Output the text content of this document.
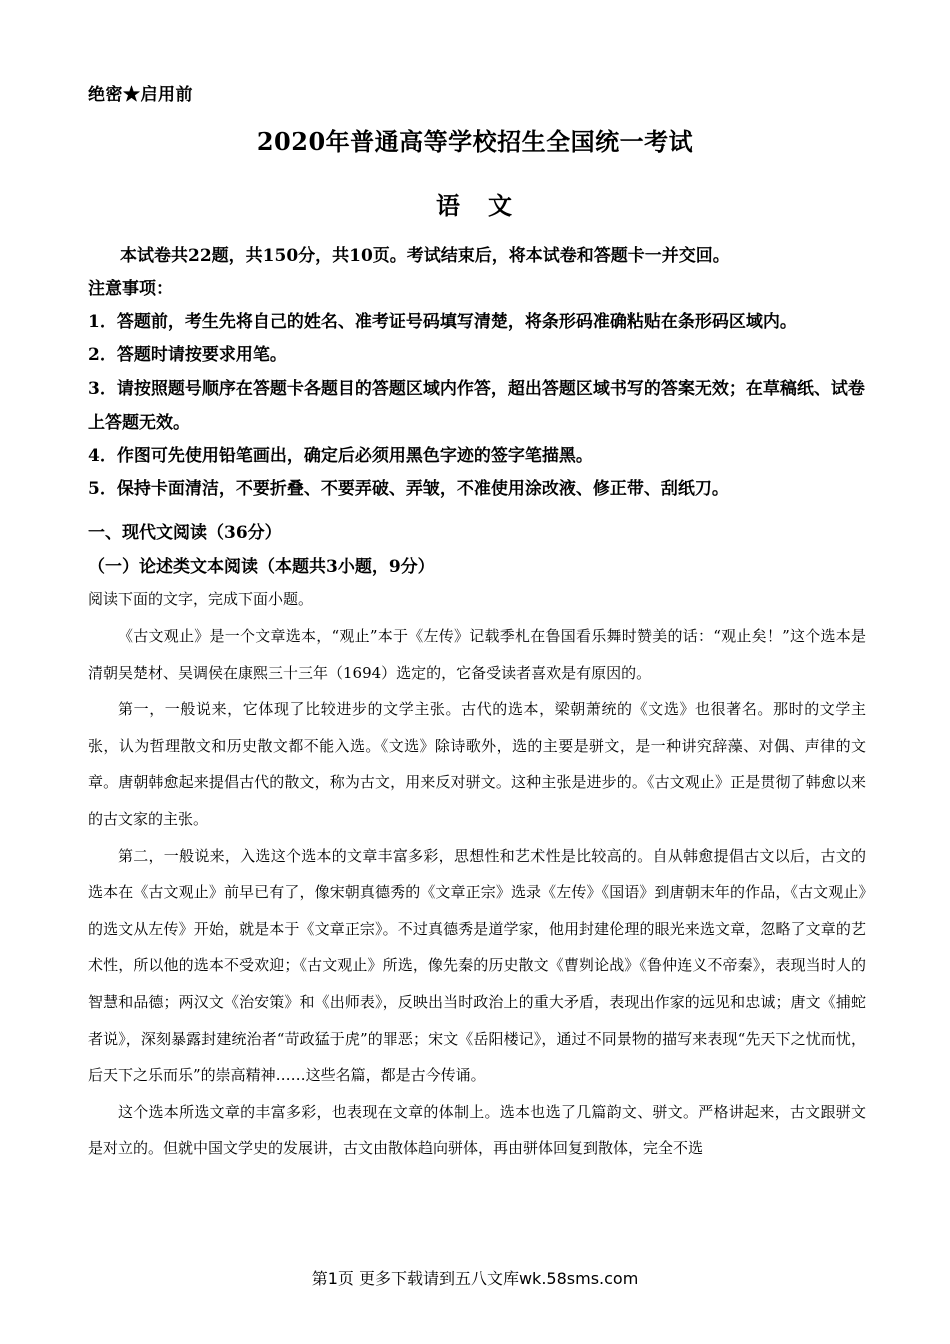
绝密★启用前
2020年普通高等学校招生全国统一考试
语　文

本试卷共22题，共150分，共10页。考试结束后，将本试卷和答题卡一并交回。

注意事项：

1．答题前，考生先将自己的姓名、准考证号码填写清楚，将条形码准确粘贴在条形码区域内。

2．答题时请按要求用笔。

3．请按照题号顺序在答题卡各题目的答题区域内作答，超出答题区域书写的答案无效；在草稿纸、试卷上答题无效。

4．作图可先使用铅笔画出，确定后必须用黑色字迹的签字笔描黑。

5．保持卡面清洁，不要折叠、不要弄破、弄皱，不准使用涂改液、修正带、刮纸刀。

一、现代文阅读（36分）
（一）论述类文本阅读（本题共3小题，9分）
阅读下面的文字，完成下面小题。

《古文观止》是一个文章选本，“观止”本于《左传》记载季札在鲁国看乐舞时赞美的话：“观止矣！”这个选本是清朝吴楚材、吴调侯在康熙三十三年（1694）选定的，它备受读者喜欢是有原因的。

第一，一般说来，它体现了比较进步的文学主张。古代的选本，梁朝萧统的《文选》也很著名。那时的文学主张，认为哲理散文和历史散文都不能入选。《文选》除诗歌外，选的主要是骈文，是一种讲究辞藻、对偶、声律的文章。唐朝韩愈起来提倡古代的散文，称为古文，用来反对骈文。这种主张是进步的。《古文观止》正是贯彻了韩愈以来的古文家的主张。

第二，一般说来，入选这个选本的文章丰富多彩，思想性和艺术性是比较高的。自从韩愈提倡古文以后，古文的选本在《古文观止》前早已有了，像宋朝真德秀的《文章正宗》选录《左传》《国语》到唐朝末年的作品，《古文观止》的选文从左传》开始，就是本于《文章正宗》。不过真德秀是道学家，他用封建伦理的眼光来选文章，忽略了文章的艺术性，所以他的选本不受欢迎；《古文观止》所选，像先秦的历史散文《曹刿论战》《鲁仲连义不帝秦》，表现当时人的智慧和品德；两汉文《治安策》和《出师表》，反映出当时政治上的重大矛盾，表现出作家的远见和忠诚；唐文《捕蛇者说》，深刻暴露封建统治者“苛政猛于虎”的罪恶；宋文《岳阳楼记》，通过不同景物的描写来表现“先天下之忧而忧，后天下之乐而乐”的崇高精神……这些名篇，都是古今传诵。

这个选本所选文章的丰富多彩，也表现在文章的体制上。选本也选了几篇韵文、骈文。严格讲起来，古文跟骈文是对立的。但就中国文学史的发展讲，古文由散体趋向骈体，再由骈体回复到散体，完全不选

第1页 更多下载请到五八文库wk.58sms.com
